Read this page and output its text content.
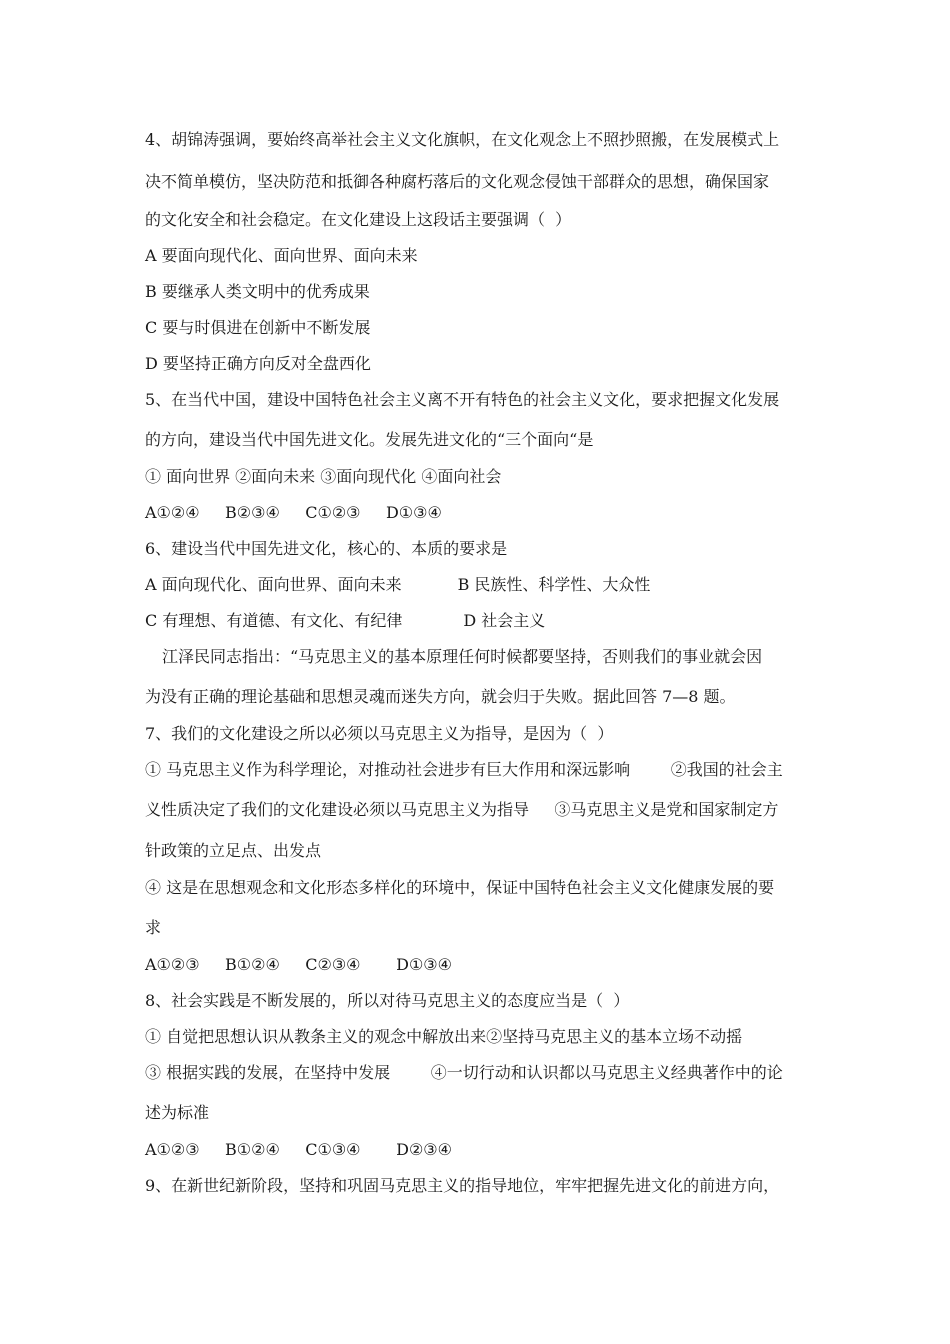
4、胡锦涛强调，要始终高举社会主义文化旗帜，在文化观念上不照抄照搬，在发展模式上
决不简单模仿，坚决防范和抵御各种腐朽落后的文化观念侵蚀干部群众的思想，确保国家
的文化安全和社会稳定。在文化建设上这段话主要强调（  ）
A 要面向现代化、面向世界、面向未来
B 要继承人类文明中的优秀成果
C 要与时俱进在创新中不断发展
D 要坚持正确方向反对全盘西化
5、在当代中国，建设中国特色社会主义离不开有特色的社会主义文化，要求把握文化发展
的方向，建设当代中国先进文化。发展先进文化的“三个面向“是
① 面向世界 ②面向未来 ③面向现代化 ④面向社会
A①②④     B②③④     C①②③     D①③④
6、建设当代中国先进文化，核心的、本质的要求是
A 面向现代化、面向世界、面向未来           B 民族性、科学性、大众性
C 有理想、有道德、有文化、有纪律            D 社会主义
江泽民同志指出：“马克思主义的基本原理任何时候都要坚持，否则我们的事业就会因
为没有正确的理论基础和思想灵魂而迷失方向，就会归于失败。据此回答 7—8 题。
7、我们的文化建设之所以必须以马克思主义为指导，是因为（  ）
① 马克思主义作为科学理论，对推动社会进步有巨大作用和深远影响        ②我国的社会主
义性质决定了我们的文化建设必须以马克思主义为指导     ③马克思主义是党和国家制定方
针政策的立足点、出发点
④ 这是在思想观念和文化形态多样化的环境中，保证中国特色社会主义文化健康发展的要
求
A①②③     B①②④     C②③④       D①③④
8、社会实践是不断发展的，所以对待马克思主义的态度应当是（  ）
① 自觉把思想认识从教条主义的观念中解放出来②坚持马克思主义的基本立场不动摇
③ 根据实践的发展，在坚持中发展        ④一切行动和认识都以马克思主义经典著作中的论
述为标准
A①②③     B①②④     C①③④       D②③④
9、在新世纪新阶段，坚持和巩固马克思主义的指导地位，牢牢把握先进文化的前进方向，
